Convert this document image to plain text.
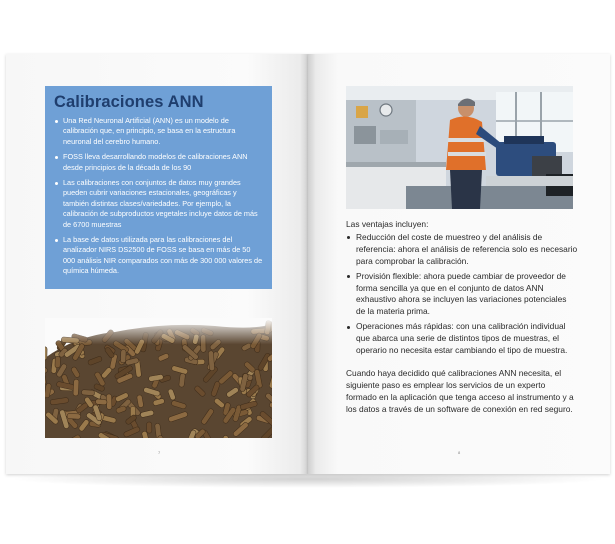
Calibraciones ANN
Una Red Neuronal Artificial (ANN) es un modelo de calibración que, en principio, se basa en la estructura neuronal del cerebro humano.
FOSS lleva desarrollando modelos de calibraciones ANN desde principios de la década de los 90
Las calibraciones con conjuntos de datos muy grandes pueden cubrir variaciones estacionales, geográficas y también distintas clases/variedades. Por ejemplo, la calibración de subproductos vegetales incluye datos de más de 6700 muestras
La base de datos utilizada para las calibraciones del analizador NIRS DS2500 de FOSS se basa en más de 50 000 análisis NIR comparados con más de 300 000 valores de química húmeda.

Las ventajas incluyen:

Reducción del coste de muestreo y del análisis de referencia: ahora el análisis de referencia solo es necesario para comprobar la calibración.
Provisión flexible: ahora puede cambiar de proveedor de forma sencilla ya que en el conjunto de datos ANN exhaustivo ahora se incluyen las variaciones potenciales de la materia prima.
Operaciones más rápidas: con una calibración individual que abarca una serie de distintos tipos de muestras, el operario no necesita estar cambiando el tipo de muestra.

Cuando haya decidido qué calibraciones ANN necesita, el siguiente paso es emplear los servicios de un experto formado en la aplicación que tenga acceso al instrumento y a los datos a través de un software de conexión en red seguro.

7	8
